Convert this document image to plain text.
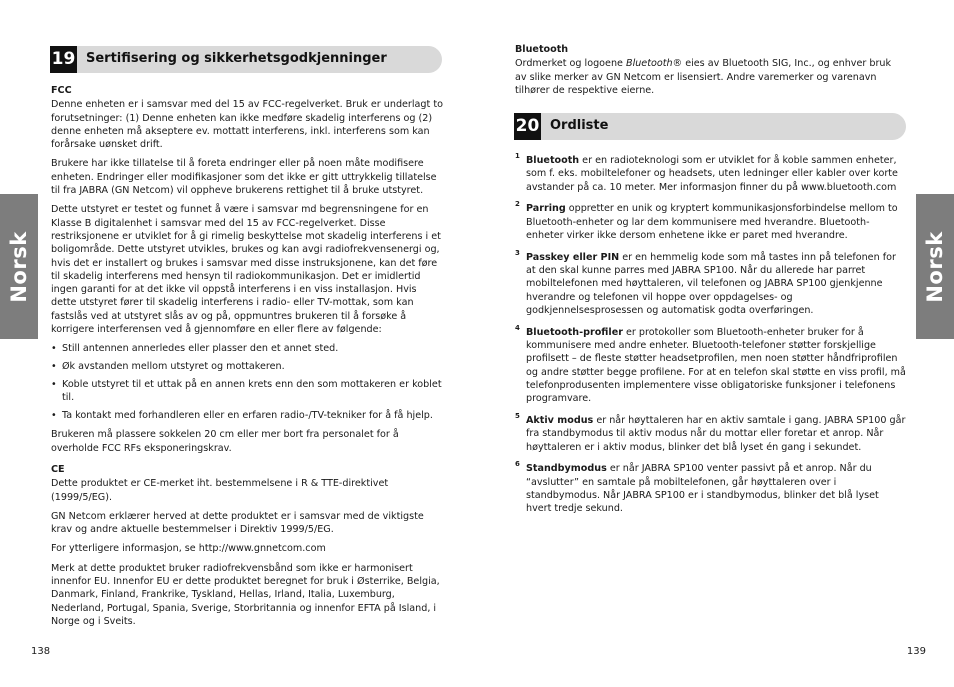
Norsk
19 Sertifisering og sikkerhetsgodkjenninger

FCC

Denne enheten er i samsvar med del 15 av FCC-regelverket. Bruk er underlagt to forutsetninger: (1) Denne enheten kan ikke medføre skadelig interferens og (2) denne enheten må akseptere ev. mottatt interferens, inkl. interferens som kan forårsake uønsket drift.

Brukere har ikke tillatelse til å foreta endringer eller på noen måte modifisere enheten. Endringer eller modifikasjoner som det ikke er gitt uttrykkelig tillatelse til fra JABRA (GN Netcom) vil oppheve brukerens rettighet til å bruke utstyret.

Dette utstyret er testet og funnet å være i samsvar md begrensningene for en Klasse B digitalenhet i samsvar med del 15 av FCC-regelverket. Disse restriksjonene er utviklet for å gi rimelig beskyttelse mot skadelig interferens i et boligområde. Dette utstyret utvikles, brukes og kan avgi radiofrekvensenergi og, hvis det er installert og brukes i samsvar med disse instruksjonene, kan det føre til skadelig interferens med hensyn til radiokommunikasjon. Det er imidlertid ingen garanti for at det ikke vil oppstå interferens i en viss installasjon. Hvis dette utstyret fører til skadelig interferens i radio- eller TV-mottak, som kan fastslås ved at utstyret slås av og på, oppmuntres brukeren til å forsøke å korrigere interferensen ved å gjennomføre en eller flere av følgende:

• Still antennen annerledes eller plasser den et annet sted.
• Øk avstanden mellom utstyret og mottakeren.
• Koble utstyret til et uttak på en annen krets enn den som mottakeren er koblet til.
• Ta kontakt med forhandleren eller en erfaren radio-/TV-tekniker for å få hjelp.

Brukeren må plassere sokkelen 20 cm eller mer bort fra personalet for å overholde FCC RFs eksponeringskrav.

CE

Dette produktet er CE-merket iht. bestemmelsene i R & TTE-direktivet (1999/5/EG).

GN Netcom erklærer herved at dette produktet er i samsvar med de viktigste krav og andre aktuelle bestemmelser i Direktiv 1999/5/EG.

For ytterligere informasjon, se http://www.gnnetcom.com

Merk at dette produktet bruker radiofrekvensbånd som ikke er harmonisert innenfor EU. Innenfor EU er dette produktet beregnet for bruk i Østerrike, Belgia, Danmark, Finland, Frankrike, Tyskland, Hellas, Irland, Italia, Luxemburg, Nederland, Portugal, Spania, Sverige, Storbritannia og innenfor EFTA på Island, i Norge og i Sveits.

138
Norsk

Bluetooth

Ordmerket og logoene Bluetooth® eies av Bluetooth SIG, Inc., og enhver bruk av slike merker av GN Netcom er lisensiert. Andre varemerker og varenavn tilhører de respektive eierne.

20 Ordliste
1 Bluetooth er en radioteknologi som er utviklet for å koble sammen enheter, som f. eks. mobiltelefoner og headsets, uten ledninger eller kabler over korte avstander på ca. 10 meter. Mer informasjon finner du på www.bluetooth.com
2 Parring oppretter en unik og kryptert kommunikasjonsforbindelse mellom to Bluetooth-enheter og lar dem kommunisere med hverandre. Bluetooth-enheter virker ikke dersom enhetene ikke er paret med hverandre.
3 Passkey eller PIN er en hemmelig kode som må tastes inn på telefonen for at den skal kunne parres med JABRA SP100. Når du allerede har parret mobiltelefonen med høyttaleren, vil telefonen og JABRA SP100 gjenkjenne hverandre og telefonen vil hoppe over oppdagelses- og godkjennelsesprosessen og automatisk godta overføringen.
4 Bluetooth-profiler er protokoller som Bluetooth-enheter bruker for å kommunisere med andre enheter. Bluetooth-telefoner støtter forskjellige profilsett – de fleste støtter headsetprofilen, men noen støtter håndfriprofilen og andre støtter begge profilene. For at en telefon skal støtte en viss profil, må telefonprodusenten implementere visse obligatoriske funksjoner i telefonens programvare.
5 Aktiv modus er når høyttaleren har en aktiv samtale i gang. JABRA SP100 går fra standbymodus til aktiv modus når du mottar eller foretar et anrop. Når høyttaleren er i aktiv modus, blinker det blå lyset én gang i sekundet.
6 Standbymodus er når JABRA SP100 venter passivt på et anrop. Når du “avslutter” en samtale på mobiltelefonen, går høyttaleren over i standbymodus. Når JABRA SP100 er i standbymodus, blinker det blå lyset hvert tredje sekund.
139
